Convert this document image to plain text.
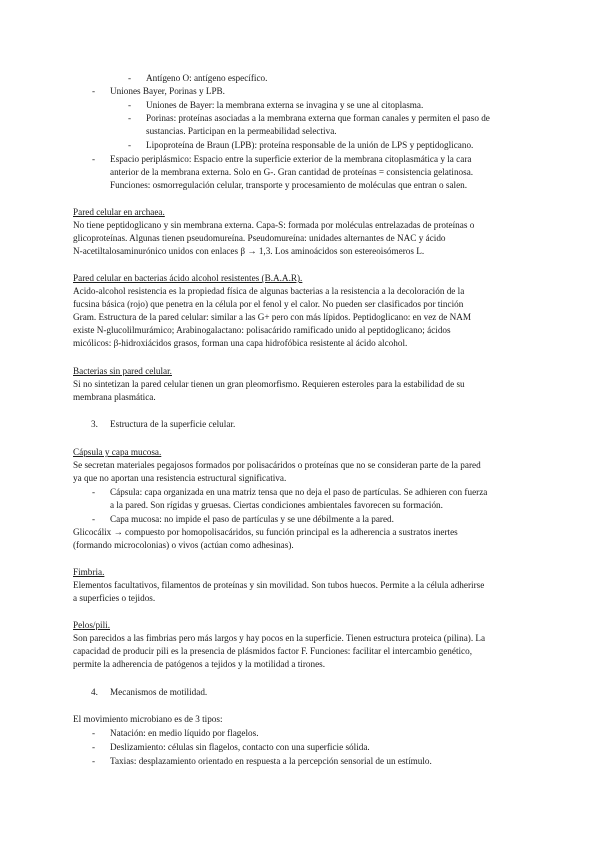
- Antígeno O: antígeno específico.
- Uniones Bayer, Porinas y LPB.
- Uniones de Bayer: la membrana externa se invagina y se une al citoplasma.
- Porinas: proteínas asociadas a la membrana externa que forman canales y permiten el paso de
sustancias. Participan en la permeabilidad selectiva.
- Lipoproteína de Braun (LPB): proteína responsable de la unión de LPS y peptidoglicano.
- Espacio periplásmico: Espacio entre la superficie exterior de la membrana citoplasmática y la cara
anterior de la membrana externa. Solo en G-. Gran cantidad de proteínas = consistencia gelatinosa.
Funciones: osmorregulación celular, transporte y procesamiento de moléculas que entran o salen.
Pared celular en archaea.
No tiene peptidoglicano y sin membrana externa. Capa-S: formada por moléculas entrelazadas de proteínas o
glicoproteínas. Algunas tienen pseudomureína. Pseudomureína: unidades alternantes de NAC y ácido
N-acetiltalosaminurónico unidos con enlaces β → 1,3. Los aminoácidos son estereoisómeros L.
Pared celular en bacterias ácido alcohol resistentes (B.A.A.R).
Acido-alcohol resistencia es la propiedad física de algunas bacterias a la resistencia a la decoloración de la
fucsina básica (rojo) que penetra en la célula por el fenol y el calor. No pueden ser clasificados por tinción
Gram. Estructura de la pared celular: similar a las G+ pero con más lípidos. Peptidoglicano: en vez de NAM
existe N-glucolilmurámico; Arabinogalactano: polisacárido ramificado unido al peptidoglicano; ácidos
micólicos: β-hidroxiácidos grasos, forman una capa hidrofóbica resistente al ácido alcohol.
Bacterias sin pared celular.
Si no sintetizan la pared celular tienen un gran pleomorfismo. Requieren esteroles para la estabilidad de su
membrana plasmática.
3. Estructura de la superficie celular.
Cápsula y capa mucosa.
Se secretan materiales pegajosos formados por polisacáridos o proteínas que no se consideran parte de la pared
ya que no aportan una resistencia estructural significativa.
- Cápsula: capa organizada en una matriz tensa que no deja el paso de partículas. Se adhieren con fuerza
a la pared. Son rígidas y gruesas. Ciertas condiciones ambientales favorecen su formación.
- Capa mucosa: no impide el paso de partículas y se une débilmente a la pared.
Glicocálix → compuesto por homopolisacáridos, su función principal es la adherencia a sustratos inertes
(formando microcolonias) o vivos (actúan como adhesinas).
Fimbria.
Elementos facultativos, filamentos de proteínas y sin movilidad. Son tubos huecos. Permite a la célula adherirse
a superficies o tejidos.
Pelos/pili.
Son parecidos a las fimbrias pero más largos y hay pocos en la superficie. Tienen estructura proteica (pilina). La
capacidad de producir pili es la presencia de plásmidos factor F. Funciones: facilitar el intercambio genético,
permite la adherencia de patógenos a tejidos y la motilidad a tirones.
4. Mecanismos de motilidad.
El movimiento microbiano es de 3 tipos:
- Natación: en medio líquido por flagelos.
- Deslizamiento: células sin flagelos, contacto con una superficie sólida.
- Taxias: desplazamiento orientado en respuesta a la percepción sensorial de un estímulo.
